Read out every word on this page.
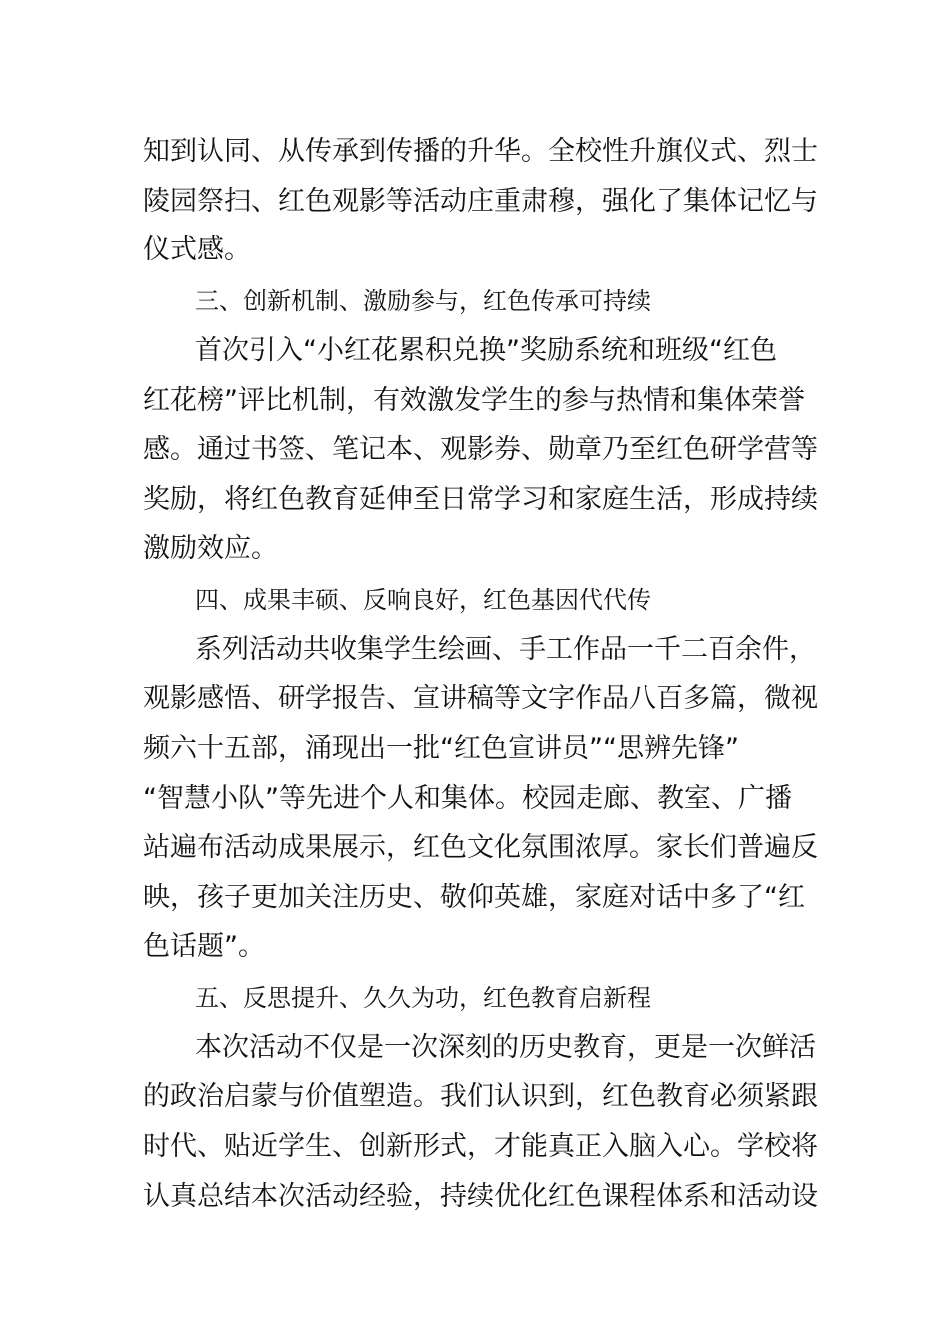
知到认同、从传承到传播的升华。全校性升旗仪式、烈士
陵园祭扫、红色观影等活动庄重肃穆，强化了集体记忆与
仪式感。
三、创新机制、激励参与，红色传承可持续
首次引入“小红花累积兑换”奖励系统和班级“红色
红花榜”评比机制，有效激发学生的参与热情和集体荣誉
感。通过书签、笔记本、观影券、勋章乃至红色研学营等
奖励，将红色教育延伸至日常学习和家庭生活，形成持续
激励效应。
四、成果丰硕、反响良好，红色基因代代传
系列活动共收集学生绘画、手工作品一千二百余件，
观影感悟、研学报告、宣讲稿等文字作品八百多篇，微视
频六十五部，涌现出一批“红色宣讲员”“思辨先锋”
“智慧小队”等先进个人和集体。校园走廊、教室、广播
站遍布活动成果展示，红色文化氛围浓厚。家长们普遍反
映，孩子更加关注历史、敬仰英雄，家庭对话中多了“红
色话题”。
五、反思提升、久久为功，红色教育启新程
本次活动不仅是一次深刻的历史教育，更是一次鲜活
的政治启蒙与价值塑造。我们认识到，红色教育必须紧跟
时代、贴近学生、创新形式，才能真正入脑入心。学校将
认真总结本次活动经验，持续优化红色课程体系和活动设
